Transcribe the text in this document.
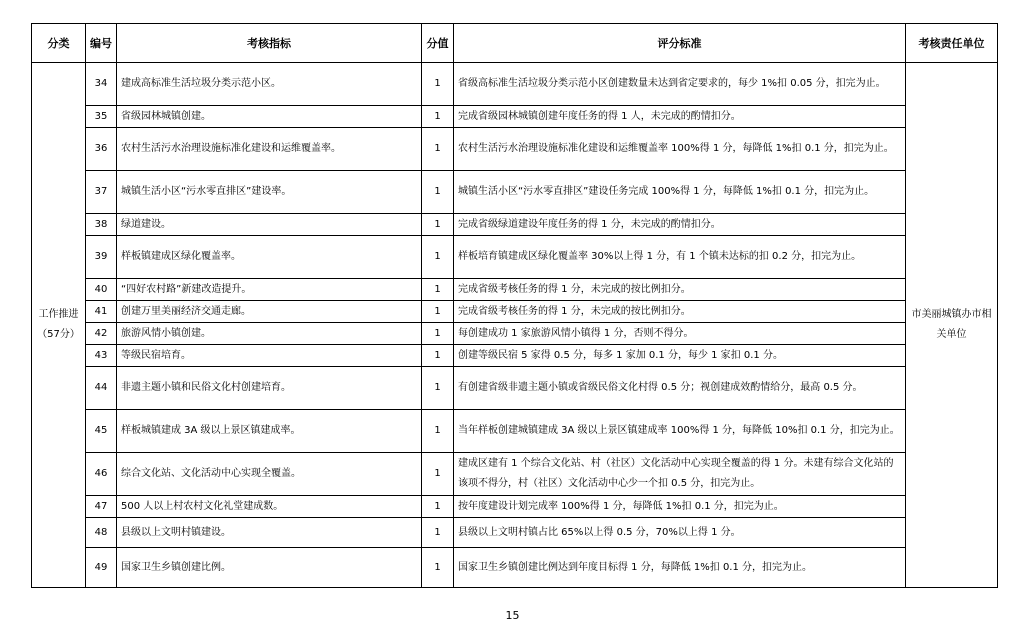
分类	编号	考核指标	分值	评分标准	考核责任单位
工作推进（57分）	34	建成高标准生活垃圾分类示范小区。	1	省级高标准生活垃圾分类示范小区创建数量未达到省定要求的，每少 1%扣 0.05 分，扣完为止。	市美丽城镇办市相关单位
	35	省级园林城镇创建。	1	完成省级园林城镇创建年度任务的得 1 人，未完成的酌情扣分。	
	36	农村生活污水治理设施标准化建设和运维覆盖率。	1	农村生活污水治理设施标准化建设和运维覆盖率 100%得 1 分，每降低 1%扣 0.1 分，扣完为止。	
	37	城镇生活小区“污水零直排区”建设率。	1	城镇生活小区“污水零直排区”建设任务完成 100%得 1 分，每降低 1%扣 0.1 分，扣完为止。	
	38	绿道建设。	1	完成省级绿道建设年度任务的得 1 分，未完成的酌情扣分。	
	39	样板镇建成区绿化覆盖率。	1	样板培育镇建成区绿化覆盖率 30%以上得 1 分，有 1 个镇未达标的扣 0.2 分，扣完为止。	
	40	“四好农村路”新建改造提升。	1	完成省级考核任务的得 1 分，未完成的按比例扣分。	
	41	创建万里美丽经济交通走廊。	1	完成省级考核任务的得 1 分，未完成的按比例扣分。	
	42	旅游风情小镇创建。	1	每创建成功 1 家旅游风情小镇得 1 分，否则不得分。	
	43	等级民宿培育。	1	创建等级民宿 5 家得 0.5 分，每多 1 家加 0.1 分，每少 1 家扣 0.1 分。	
	44	非遗主题小镇和民俗文化村创建培育。	1	有创建省级非遗主题小镇或省级民俗文化村得 0.5 分；视创建成效酌情给分，最高 0.5 分。	
	45	样板城镇建成 3A 级以上景区镇建成率。	1	当年样板创建城镇建成 3A 级以上景区镇建成率 100%得 1 分，每降低 10%扣 0.1 分，扣完为止。	
	46	综合文化站、文化活动中心实现全覆盖。	1	建成区建有 1 个综合文化站、村（社区）文化活动中心实现全覆盖的得 1 分。未建有综合文化站的该项不得分，村（社区）文化活动中心少一个扣 0.5 分，扣完为止。	
	47	500 人以上村农村文化礼堂建成数。	1	按年度建设计划完成率 100%得 1 分，每降低 1%扣 0.1 分，扣完为止。	
	48	县级以上文明村镇建设。	1	县级以上文明村镇占比 65%以上得 0.5 分，70%以上得 1 分。	
	49	国家卫生乡镇创建比例。	1	国家卫生乡镇创建比例达到年度目标得 1 分，每降低 1%扣 0.1 分，扣完为止。	
15
